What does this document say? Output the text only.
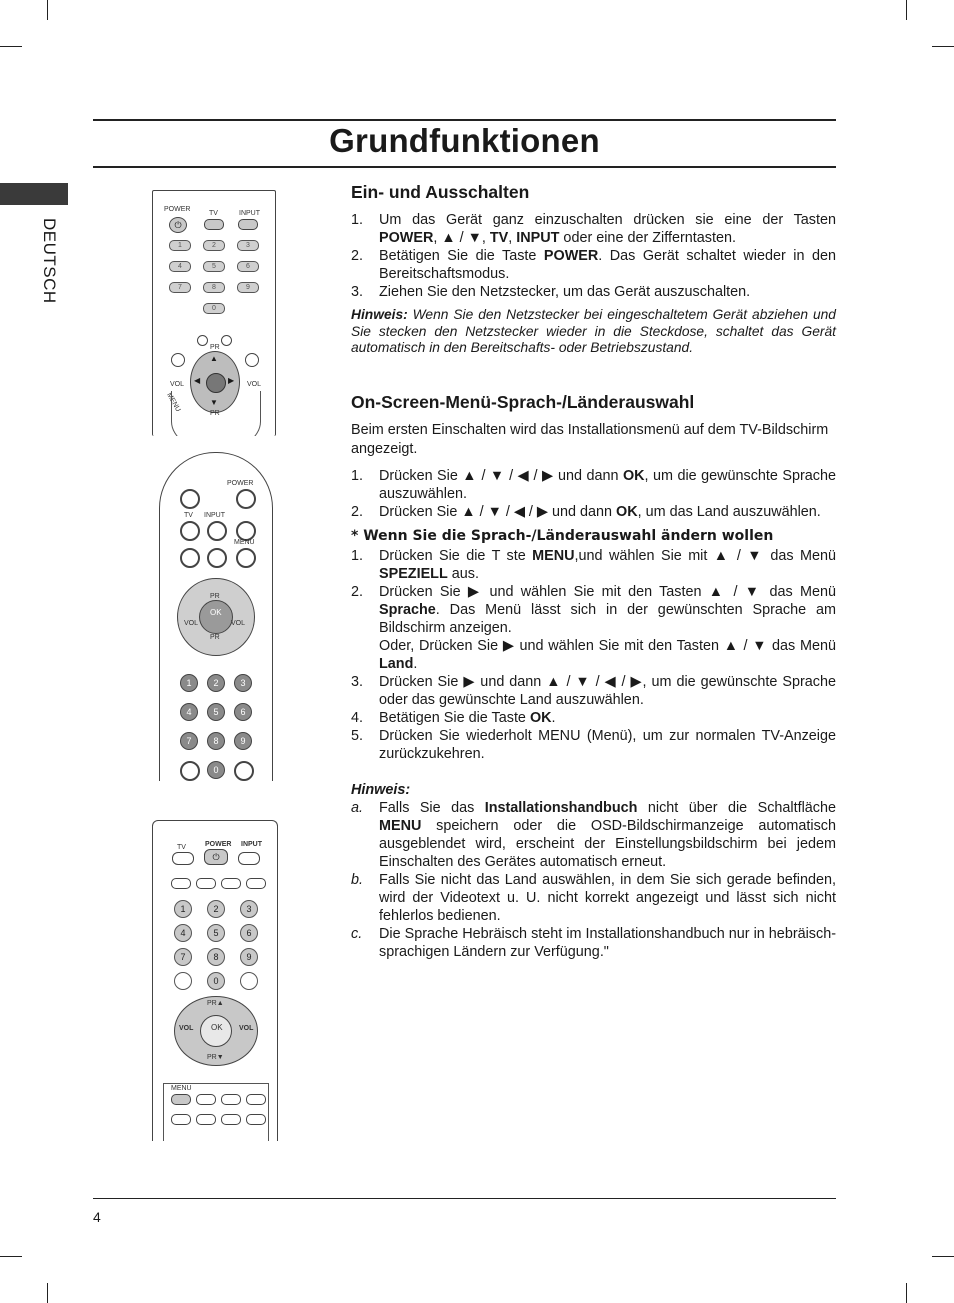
Grundfunktionen
DEUTSCH
POWER
TV	INPUT
⏻
1	2	3
4	5	6
7	8	9
0
PR
▲
▼
◀	▶
VOL	VOL
MENU
PR
POWER
TV INPUT
MENU
PR
OK
VOL	VOL
PR
1	2	3
4	5	6
7	8	9
0
TV	POWER INPUT
⏻
1	2	3
4	5	6
7	8	9
0
PR▲
OK
VOL	VOL
PR▼
MENU
Ein- und Ausschalten
1. Um das Gerät ganz einzuschalten drücken sie eine der Tasten POWER, ▲ / ▼, TV, INPUT oder eine der Zifferntasten.
2. Betätigen Sie die Taste POWER. Das Gerät schaltet wieder in den Bereitschaftsmodus.
3. Ziehen Sie den Netzstecker, um das Gerät auszuschalten.
Hinweis: Wenn Sie den Netzstecker bei eingeschaltetem Gerät abziehen und Sie stecken den Netzstecker wieder in die Steckdose, schaltet das Gerät automatisch in den Bereitschafts- oder Betriebszustand.
On-Screen-Menü-Sprach-/Länderauswahl
Beim ersten Einschalten wird das Installationsmenü auf dem TV-Bildschirm angezeigt.
1. Drücken Sie ▲ / ▼ / ◀ / ▶ und dann OK, um die gewünschte Sprache auszuwählen.
2. Drücken Sie ▲ / ▼ / ◀ / ▶ und dann OK, um das Land auszuwählen.
* Wenn Sie die Sprach-/Länderauswahl ändern wollen
1. Drücken Sie die T ste MENU,und wählen Sie mit ▲ / ▼ das Menü SPEZIELL aus.
2. Drücken Sie ▶ und wählen Sie mit den Tasten ▲ / ▼ das Menü Sprache. Das Menü lässt sich in der gewünschten Sprache am Bildschirm anzeigen.
Oder, Drücken Sie ▶ und wählen Sie mit den Tasten ▲ / ▼ das Menü Land.
3. Drücken Sie ▶ und dann ▲ / ▼ / ◀ / ▶, um die gewünschte Sprache oder das gewünschte Land auszuwählen.
4. Betätigen Sie die Taste OK.
5. Drücken Sie wiederholt MENU (Menü), um zur normalen TV-Anzeige zurückzukehren.
Hinweis:
a. Falls Sie das Installationshandbuch nicht über die Schaltfläche MENU speichern oder die OSD-Bildschirmanzeige automatisch ausgeblendet wird, erscheint der Einstellungsbildschirm bei jedem Einschalten des Gerätes automatisch erneut.
b. Falls Sie nicht das Land auswählen, in dem Sie sich gerade befinden, wird der Videotext u. U. nicht korrekt angezeigt und lässt sich nicht fehlerlos bedienen.
c. Die Sprache Hebräisch steht im Installationshandbuch nur in hebräisch-sprachigen Ländern zur Verfügung."
4
